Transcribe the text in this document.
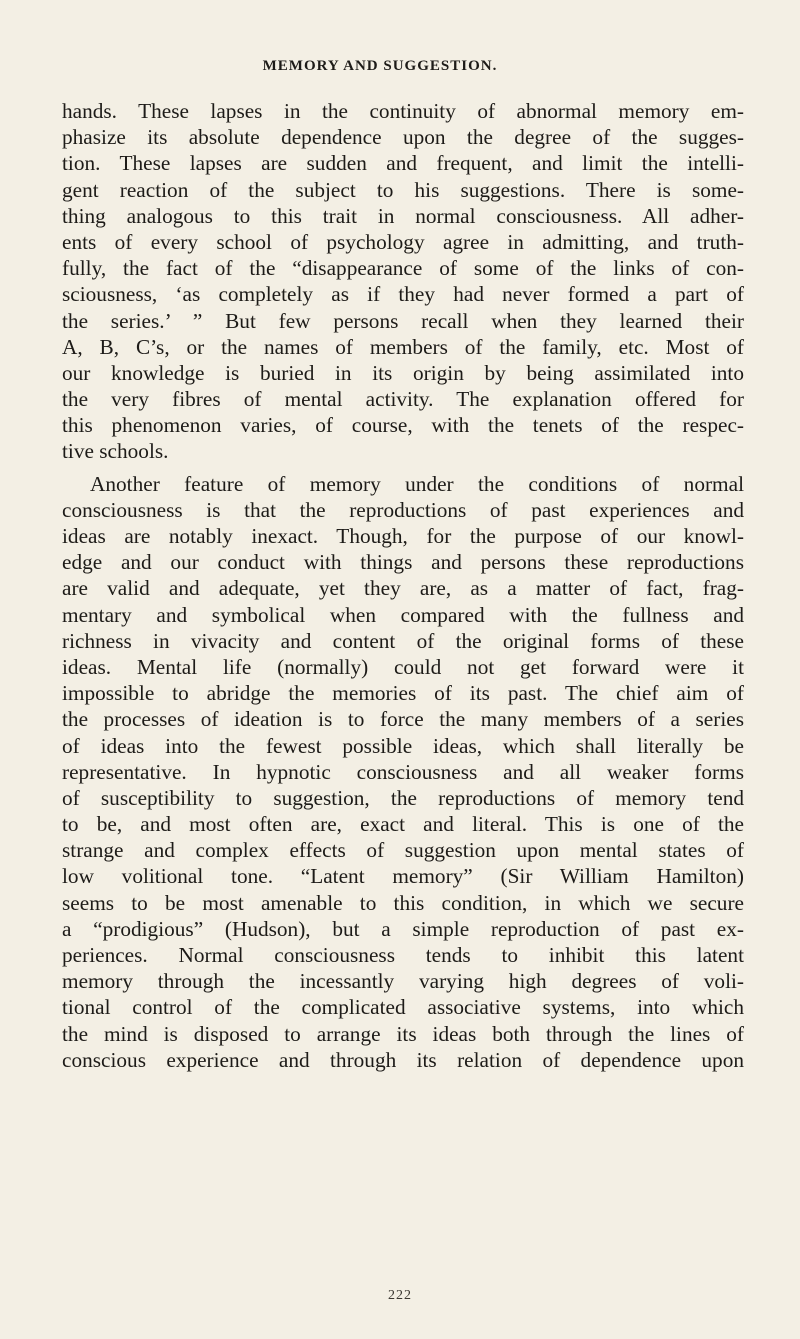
MEMORY AND SUGGESTION.
hands. These lapses in the continuity of abnormal memory em-
phasize its absolute dependence upon the degree of the sugges-
tion. These lapses are sudden and frequent, and limit the intelli-
gent reaction of the subject to his suggestions. There is some-
thing analogous to this trait in normal consciousness. All adher-
ents of every school of psychology agree in admitting, and truth-
fully, the fact of the “disappearance of some of the links of con-
sciousness, ‘as completely as if they had never formed a part of
the series.’ ” But few persons recall when they learned their
A, B, C’s, or the names of members of the family, etc. Most of
our knowledge is buried in its origin by being assimilated into
the very fibres of mental activity. The explanation offered for
this phenomenon varies, of course, with the tenets of the respec-
tive schools.
Another feature of memory under the conditions of normal
consciousness is that the reproductions of past experiences and
ideas are notably inexact. Though, for the purpose of our knowl-
edge and our conduct with things and persons these reproductions
are valid and adequate, yet they are, as a matter of fact, frag-
mentary and symbolical when compared with the fullness and
richness in vivacity and content of the original forms of these
ideas. Mental life (normally) could not get forward were it
impossible to abridge the memories of its past. The chief aim of
the processes of ideation is to force the many members of a series
of ideas into the fewest possible ideas, which shall literally be
representative. In hypnotic consciousness and all weaker forms
of susceptibility to suggestion, the reproductions of memory tend
to be, and most often are, exact and literal. This is one of the
strange and complex effects of suggestion upon mental states of
low volitional tone. “Latent memory” (Sir William Hamilton)
seems to be most amenable to this condition, in which we secure
a “prodigious” (Hudson), but a simple reproduction of past ex-
periences. Normal consciousness tends to inhibit this latent
memory through the incessantly varying high degrees of voli-
tional control of the complicated associative systems, into which
the mind is disposed to arrange its ideas both through the lines of
conscious experience and through its relation of dependence upon
222
